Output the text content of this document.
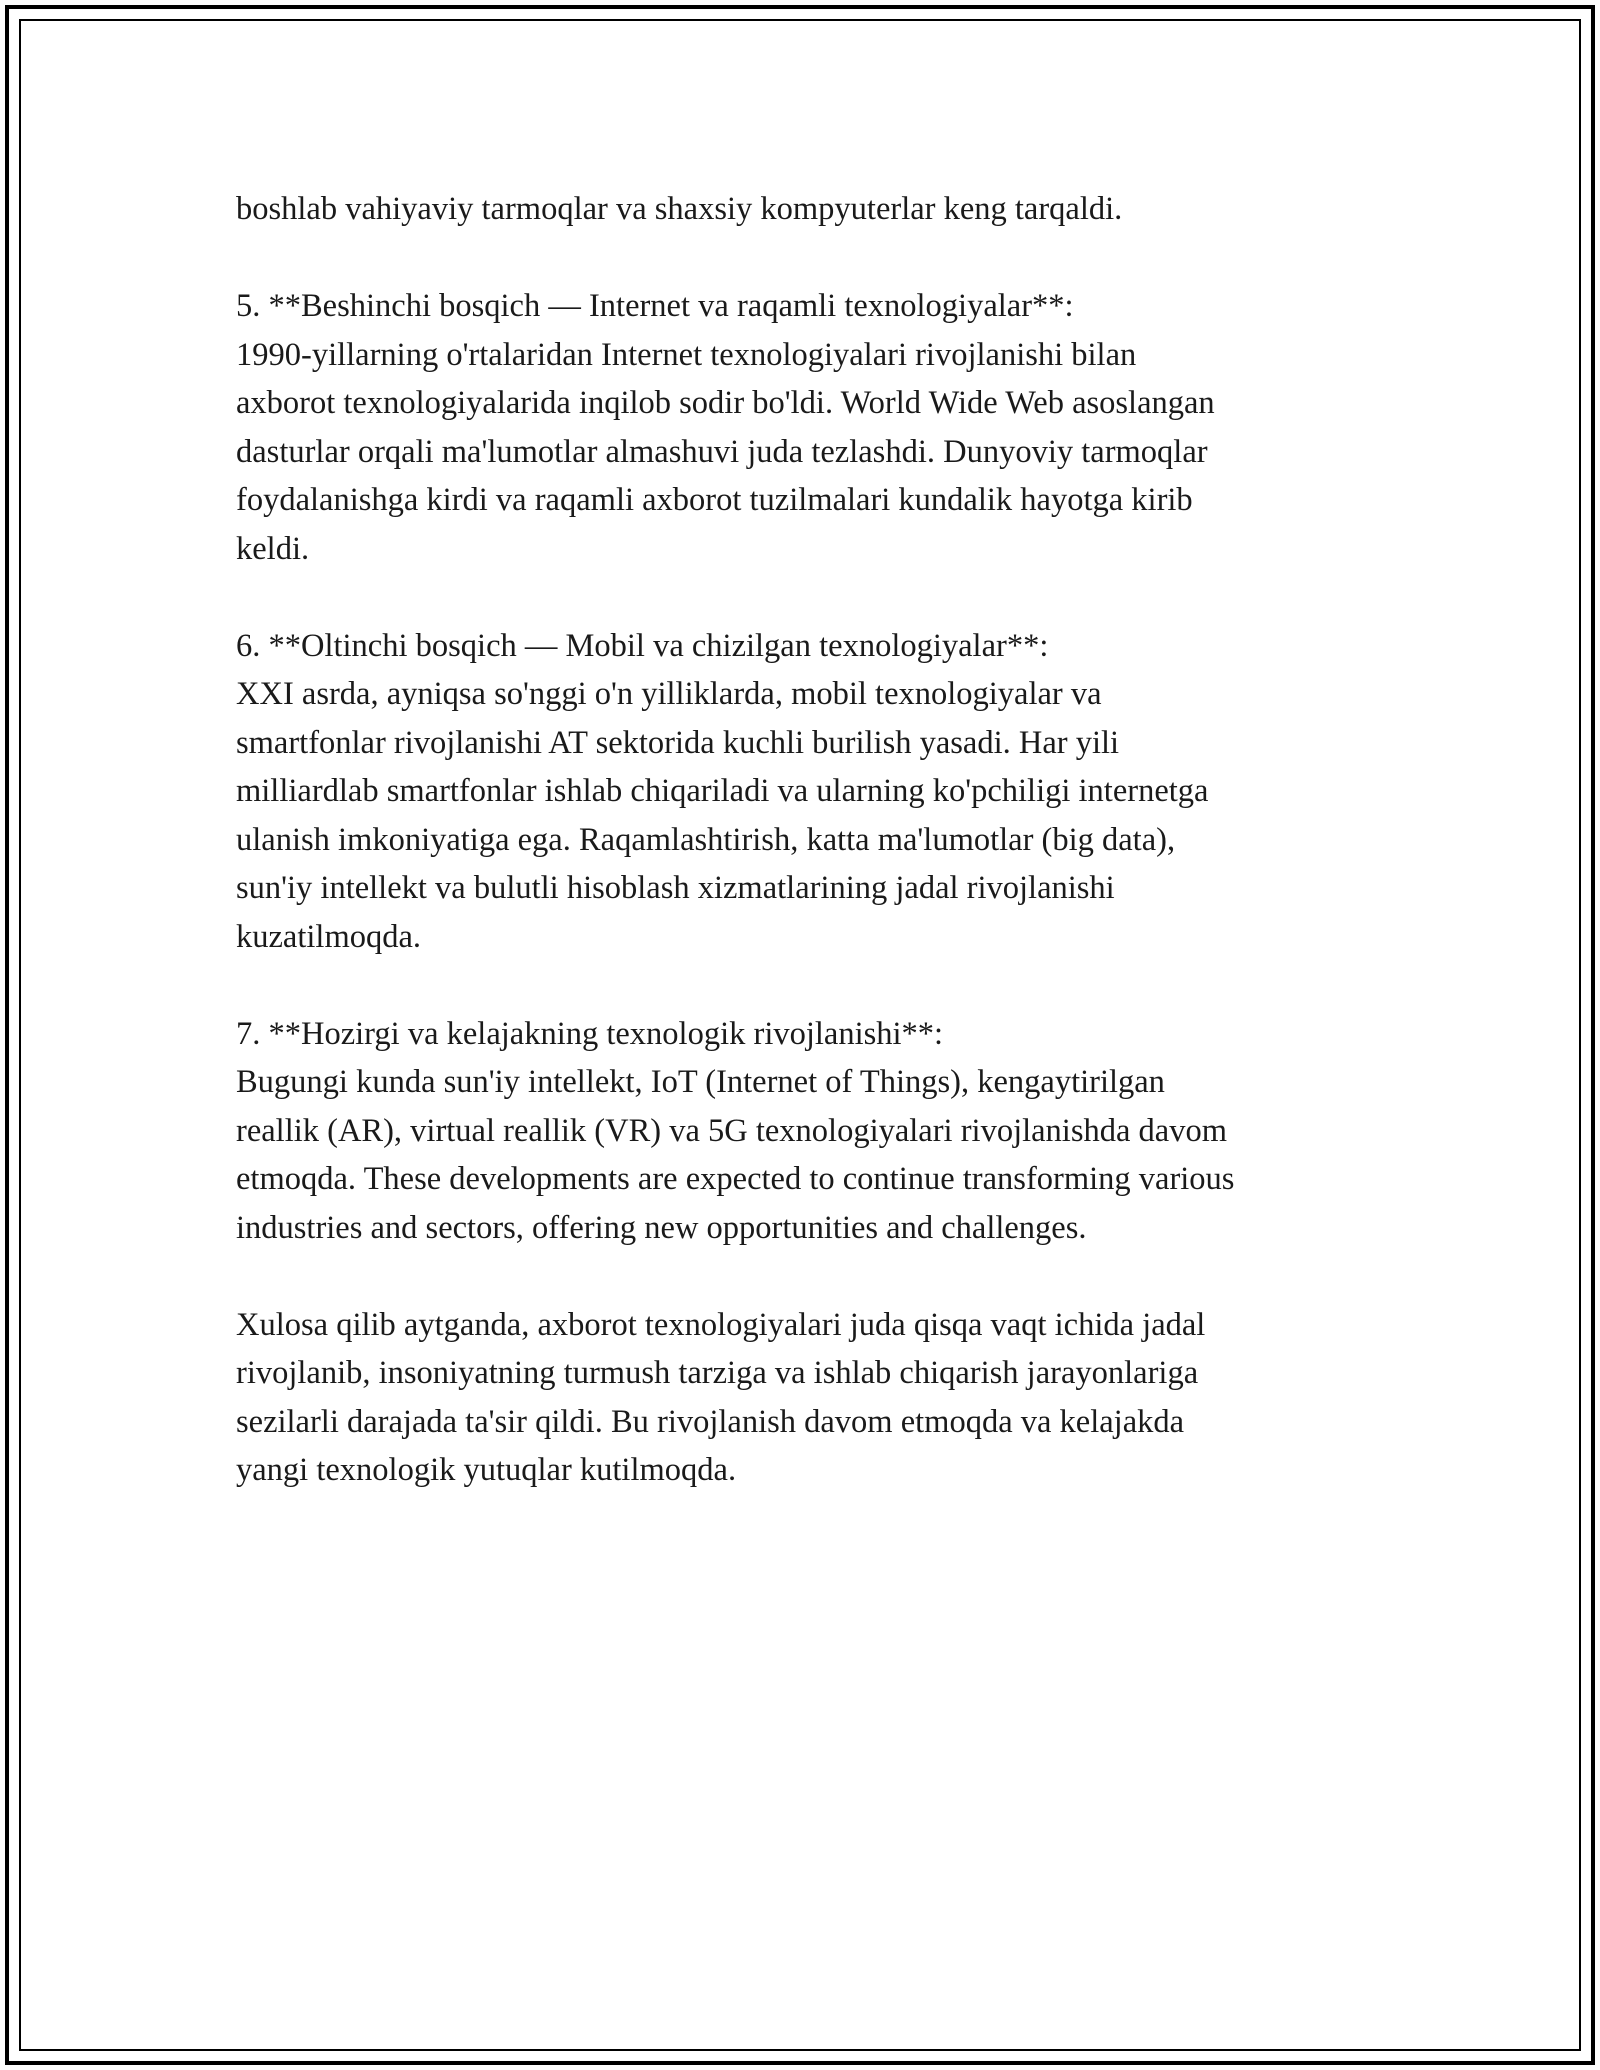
boshlab vahiyaviy tarmoqlar va shaxsiy kompyuterlar keng tarqaldi.
5. **Beshinchi bosqich — Internet va raqamli texnologiyalar**:
1990-yillarning o'rtalaridan Internet texnologiyalari rivojlanishi bilan
axborot texnologiyalarida inqilob sodir bo'ldi. World Wide Web asoslangan
dasturlar orqali ma'lumotlar almashuvi juda tezlashdi. Dunyoviy tarmoqlar
foydalanishga kirdi va raqamli axborot tuzilmalari kundalik hayotga kirib
keldi.
6. **Oltinchi bosqich — Mobil va chizilgan texnologiyalar**:
XXI asrda, ayniqsa so'nggi o'n yilliklarda, mobil texnologiyalar va
smartfonlar rivojlanishi AT sektorida kuchli burilish yasadi. Har yili
milliardlab smartfonlar ishlab chiqariladi va ularning ko'pchiligi internetga
ulanish imkoniyatiga ega. Raqamlashtirish, katta ma'lumotlar (big data),
sun'iy intellekt va bulutli hisoblash xizmatlarining jadal rivojlanishi
kuzatilmoqda.
7. **Hozirgi va kelajakning texnologik rivojlanishi**:
Bugungi kunda sun'iy intellekt, IoT (Internet of Things), kengaytirilgan
reallik (AR), virtual reallik (VR) va 5G texnologiyalari rivojlanishda davom
etmoqda. These developments are expected to continue transforming various
industries and sectors, offering new opportunities and challenges.
Xulosa qilib aytganda, axborot texnologiyalari juda qisqa vaqt ichida jadal
rivojlanib, insoniyatning turmush tarziga va ishlab chiqarish jarayonlariga
sezilarli darajada ta'sir qildi. Bu rivojlanish davom etmoqda va kelajakda
yangi texnologik yutuqlar kutilmoqda.
